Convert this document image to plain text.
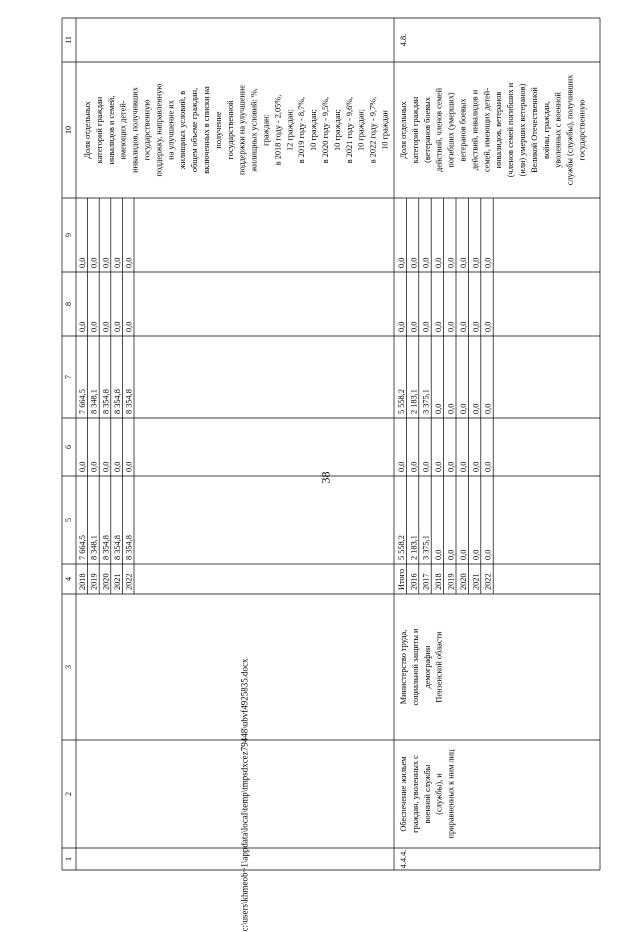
38
c:\users\khmeob~1\appdata\local\temp\tmpsdxcez79448\ubvf4925835.docx
11
10
9
8
7
6
5
4
3
2
1
2018
7 664,5
0,0
7 664,5
0,0
0,0
2019
8 348,1
0,0
8 348,1
0,0
0,0
2020
8 354,8
0,0
8 354,8
0,0
0,0
2021
8 354,8
0,0
8 354,8
0,0
0,0
2022
8 354,8
0,0
8 354,8
0,0
0,0
Доля отдельных категорий граждан инвалидов и семей, имеющих детей- инвалидов, получивших государственную поддержку, направленную на улучшение их жилищных условий, в общем объеме граждан, включенных в списки на получение государственной поддержки на улучшение жилищных условий: %, граждан: в 2018 году - 2,05%, 12 граждан; в 2019 году - 8,7%, 10 граждан; в 2020 году - 9,5%, 10 граждан; в 2021 году - 9,6%, 10 граждан; в 2022 году - 9,7%, 10 граждан
4.4.4.
Обеспечение жильем граждан, уволенных с военной службы (службы), и приравненных к ним лиц
Министерство труда, социальной защиты и демографии Пензенской области
Итого
5 558,2
0,0
5 558,2
0,0
0,0
2016
2 183,1
0,0
2 183,1
0,0
0,0
2017
3 375,1
0,0
3 375,1
0,0
0,0
2018
0,0
0,0
0,0
0,0
0,0
2019
0,0
0,0
0,0
0,0
0,0
2020
0,0
0,0
0,0
0,0
0,0
2021
0,0
0,0
0,0
0,0
0,0
2022
0,0
0,0
0,0
0,0
0,0
Доля отдельных категорий граждан (ветеранов боевых действий, членов семей погибших (умерших) ветеранов боевых действий, инвалидов и семей, имеющих детей- инвалидов, ветеранов (членов семей погибших и (или) умерших ветеранов) Великой Отечественной войны, граждан, уволенных с военной службы (службы), получивших государственную
4.8.
